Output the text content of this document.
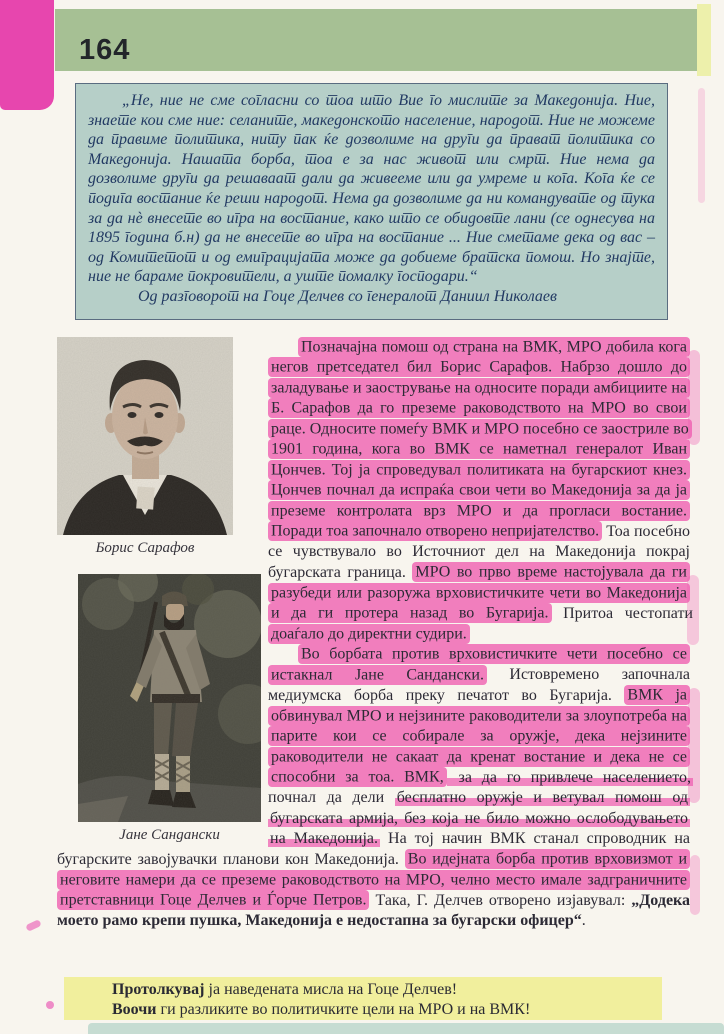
164

„Не, ние не сме согласни со тоа што Вие го мислите за Македонија. Ние, знаете кои сме ние: селаните, македонското население, народот. Ние не можеме да правиме политика, ниту пак ќе дозволиме на други да прават политика со Македонија. Нашата борба, тоа е за нас живот или смрт. Ние нема да дозволиме други да решаваат дали да живееме или да умреме и кога. Кога ќе се подига востание ќе реши народот. Нема да дозволиме да ни командувате од тука за да нѐ внесете во игра на востание, како што се обидовте лани (се однесува на 1895 година б.н) да не внесете во игра на востание ... Ние сметаме дека од вас – од Комитетот и од емиграцијата може да добиеме братска помош. Но знајте, ние не бараме покровители, а уште помалку господари.“

Од разговорот на Гоце Делчев со генералот Даниил Николаев

Борис Сарафов
Јане Сандански

Позначајна помош од страна на ВМК, МРО добила кога негов претседател бил Борис Сарафов. Набрзо дошло до заладување и заострување на односите поради амбициите на Б. Сарафов да го преземе раководството на МРО во свои раце. Односите помеѓу ВМК и МРО посебно се заостриле во 1901 година, кога во ВМК се наметнал генералот Иван Цончев. Тој ја спроведувал политиката на бугарскиот кнез. Цончев почнал да испраќа свои чети во Македонија за да ја преземе контролата врз МРО и да прогласи востание. Поради тоа започнало отворено непријателство. Тоа посебно се чувствувало во Источниот дел на Македонија покрај бугарската граница. МРО во прво време настојувала да ги разубеди или разоружа врховистичките чети во Македонија и да ги протера назад во Бугарија. Притоа честопати доаѓало до директни судири.

Во борбата против врховистичките чети посебно се истакнал Јане Сандански. Истовремено започнала медиумска борба преку печатот во Бугарија. ВМК ја обвинувал МРО и нејзините раководители за злоупотреба на парите кои се собирале за оружје, дека нејзините раководители не сакаат да кренат востание и дека не се способни за тоа. ВМК, за да го привлече населението, почнал да дели бесплатно оружје и ветувал помош од бугарската армија, без која не било можно ослободувањето на Македонија. На тој начин ВМК станал спроводник на бугарските завојувачки планови кон Македонија. Во идејната борба против врховизмот и неговите намери да се преземе раководството на МРО, челно место имале задграничните претставници Гоце Делчев и Ѓорче Петров. Така, Г. Делчев отворено изјавувал: „Додека моето рамо крепи пушка, Македонија е недостапна за бугарски офицер“.

Протолкувај ја наведената мисла на Гоце Делчев!
Воочи ги разликите во политичките цели на МРО и на ВМК!
